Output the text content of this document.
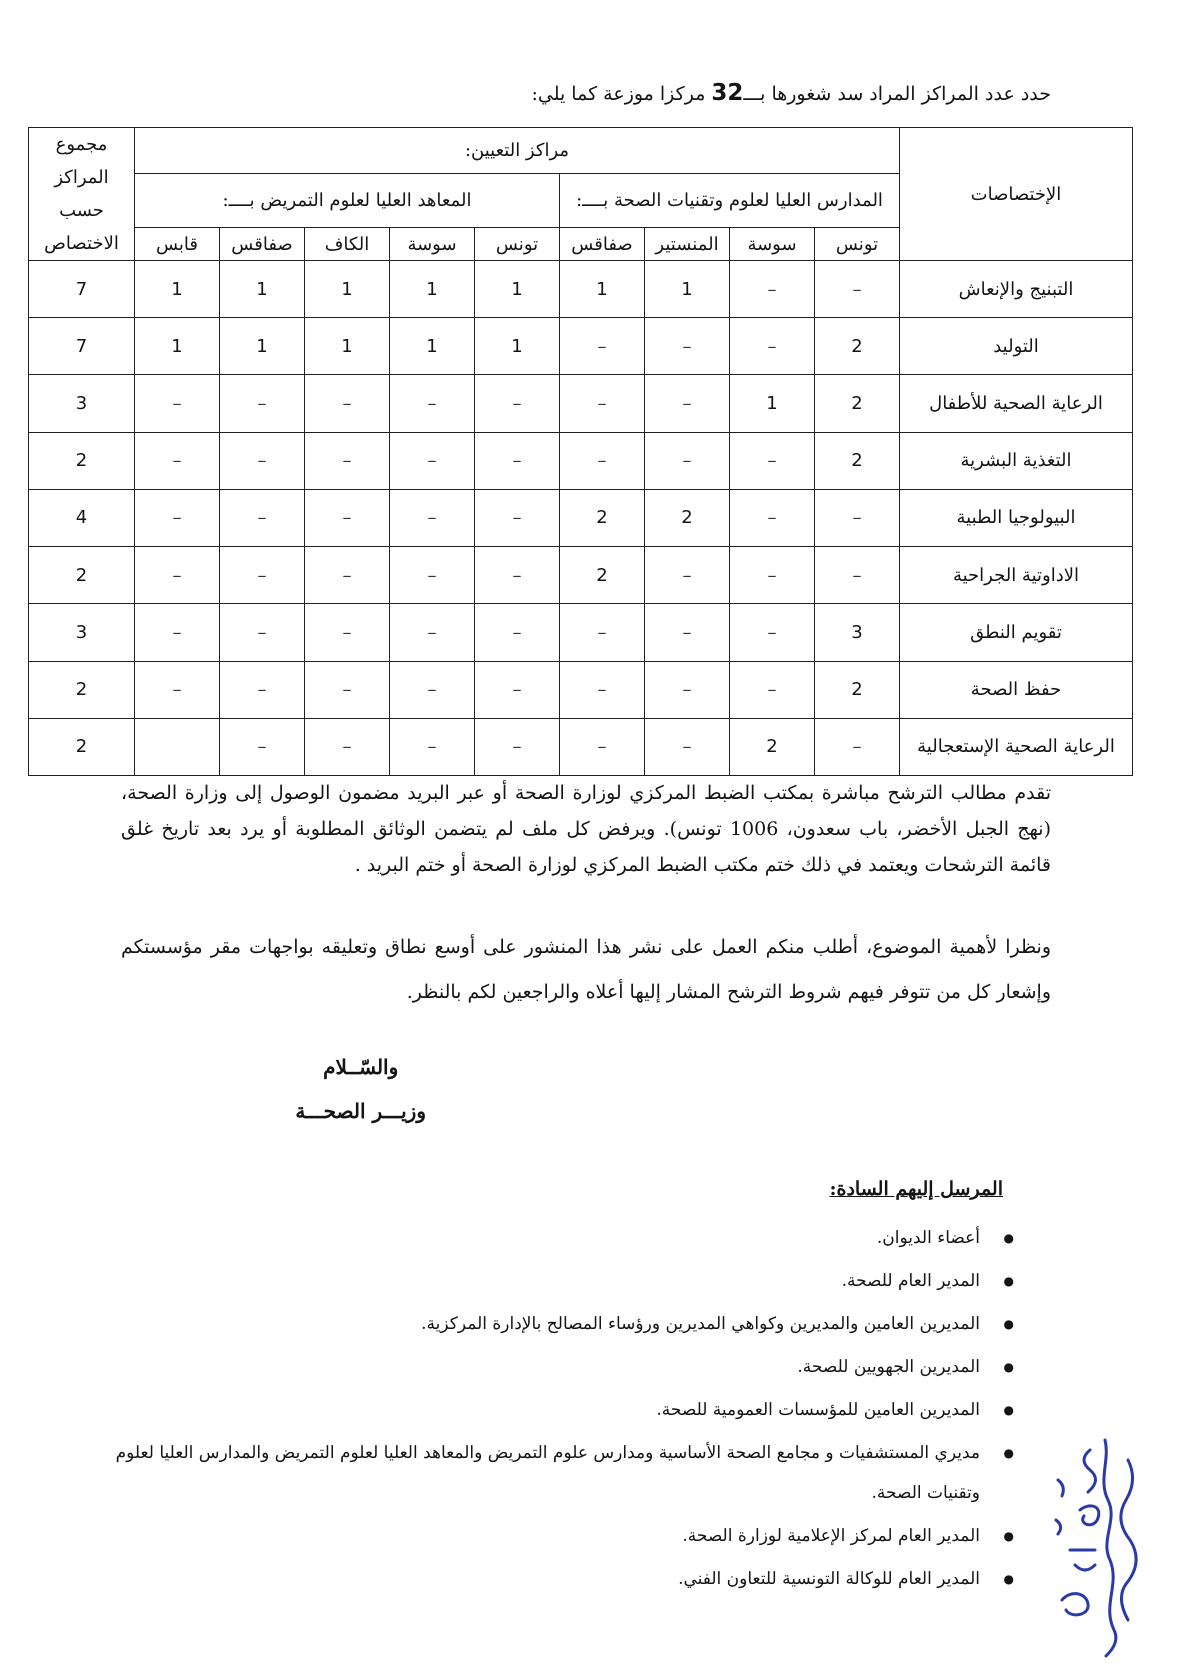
حدد عدد المراكز المراد سد شغورها بـــ32 مركزا موزعة كما يلي:
الإختصاصات	مراكز التعيين:									مجموع
المراكز
حسب
الاختصاص

	المدارس العليا لعلوم وتقنيات الصحة بــــ:				المعاهد العليا لعلوم التمريض بــــ:					
	تونس	سوسة	المنستير	صفاقس	تونس	سوسة	الكاف	صفاقس	قابس	
التبنيج والإنعاش	–	–	1	1	1	1	1	1	1	7
التوليد	2	–	–	–	1	1	1	1	1	7
الرعاية الصحية للأطفال	2	1	–	–	–	–	–	–	–	3
التغذية البشرية	2	–	–	–	–	–	–	–	–	2
البيولوجيا الطبية	–	–	2	2	–	–	–	–	–	4
الاداوتية الجراحية	–	–	–	2	–	–	–	–	–	2
تقويم النطق	3	–	–	–	–	–	–	–	–	3
حفظ الصحة	2	–	–	–	–	–	–	–	–	2
الرعاية الصحية الإستعجالية	–	2	–	–	–	–	–	–		2
تقدم مطالب الترشح مباشرة بمكتب الضبط المركزي لوزارة الصحة أو عبر البريد مضمون الوصول إلى وزارة الصحة، (نهج الجبل الأخضر، باب سعدون، 1006 تونس). ويرفض كل ملف لم يتضمن الوثائق المطلوبة أو يرد بعد تاريخ غلق قائمة الترشحات ويعتمد في ذلك ختم مكتب الضبط المركزي لوزارة الصحة أو ختم البريد .
ونظرا لأهمية الموضوع، أطلب منكم العمل على نشر هذا المنشور على أوسع نطاق وتعليقه بواجهات مقر مؤسستكم وإشعار كل من تتوفر فيهم شروط الترشح المشار إليها أعلاه والراجعين لكم بالنظر.
والسّــلام
وزيـــر الصحـــة
المرسل إليهم السادة:
● أعضاء الديوان.
● المدير العام للصحة.
● المديرين العامين والمديرين وكواهي المديرين ورؤساء المصالح بالإدارة المركزية.
● المديرين الجهويين للصحة.
● المديرين العامين للمؤسسات العمومية للصحة.
● مديري المستشفيات و مجامع الصحة الأساسية ومدارس علوم التمريض والمعاهد العليا لعلوم التمريض والمدارس العليا لعلوم وتقنيات الصحة.
● المدير العام لمركز الإعلامية لوزارة الصحة.
● المدير العام للوكالة التونسية للتعاون الفني.
